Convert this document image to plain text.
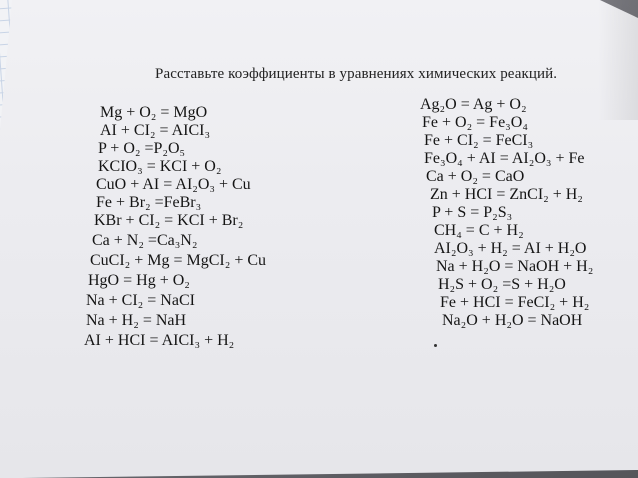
Расставьте коэффициенты в уравнениях химических реакций.
Mg + O₂ = MgO
AI + CI₂ = AICI₃
P + O₂ =P₂O₅
KCIO₃ = KCI + O₂
CuO + AI = AI₂O₃ + Cu
Fe + Br₂ =FeBr₃
KBr + CI₂ = KCI + Br₂
Ca + N₂ =Ca₃N₂
CuCI₂ + Mg = MgCI₂ + Cu
HgO = Hg + O₂
Na + CI₂ = NaCI
Na + H₂ = NaH
AI + HCI = AICI₃ + H₂
Ag₂O = Ag + O₂
Fe + O₂ = Fe₃O₄
Fe + CI₂ = FeCI₃
Fe₃O₄ + AI = AI₂O₃ + Fe
Ca + O₂ = CaO
Zn + HCI = ZnCI₂ + H₂
P + S = P₂S₃
CH₄ = C + H₂
AI₂O₃ + H₂ = AI + H₂O
Na + H₂O = NaOH + H₂
H₂S + O₂ =S + H₂O
Fe + HCI = FeCI₂ + H₂
Na₂O + H₂O = NaOH
